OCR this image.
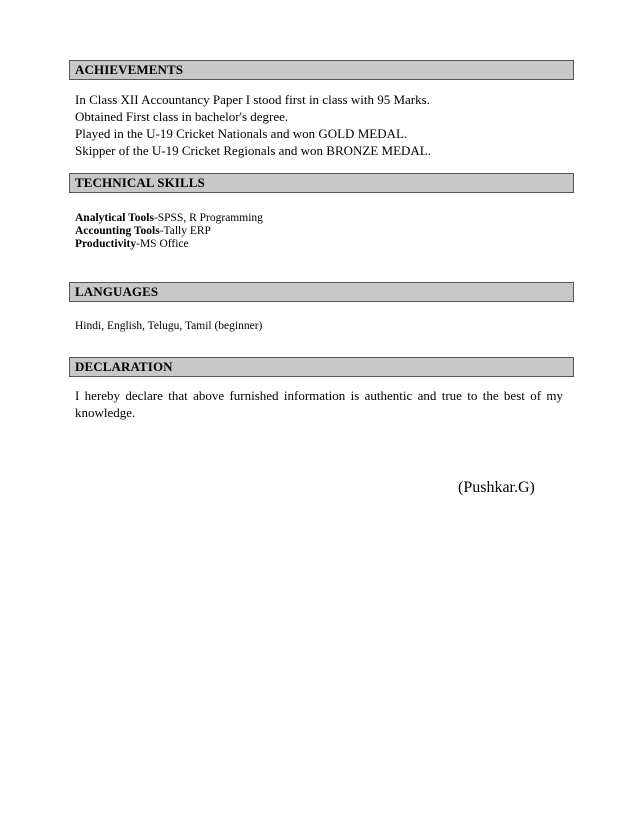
ACHIEVEMENTS
In Class XII Accountancy Paper I stood first in class with 95 Marks.
Obtained First class in bachelor's degree.
Played in the U-19 Cricket Nationals and won GOLD MEDAL.
Skipper of the U-19 Cricket Regionals and won BRONZE MEDAL.
TECHNICAL SKILLS
Analytical Tools-SPSS, R Programming
Accounting Tools-Tally ERP
Productivity-MS Office
LANGUAGES
Hindi, English, Telugu, Tamil (beginner)
DECLARATION
I hereby declare that above furnished information is authentic and true to the best of my knowledge.
(Pushkar.G)
